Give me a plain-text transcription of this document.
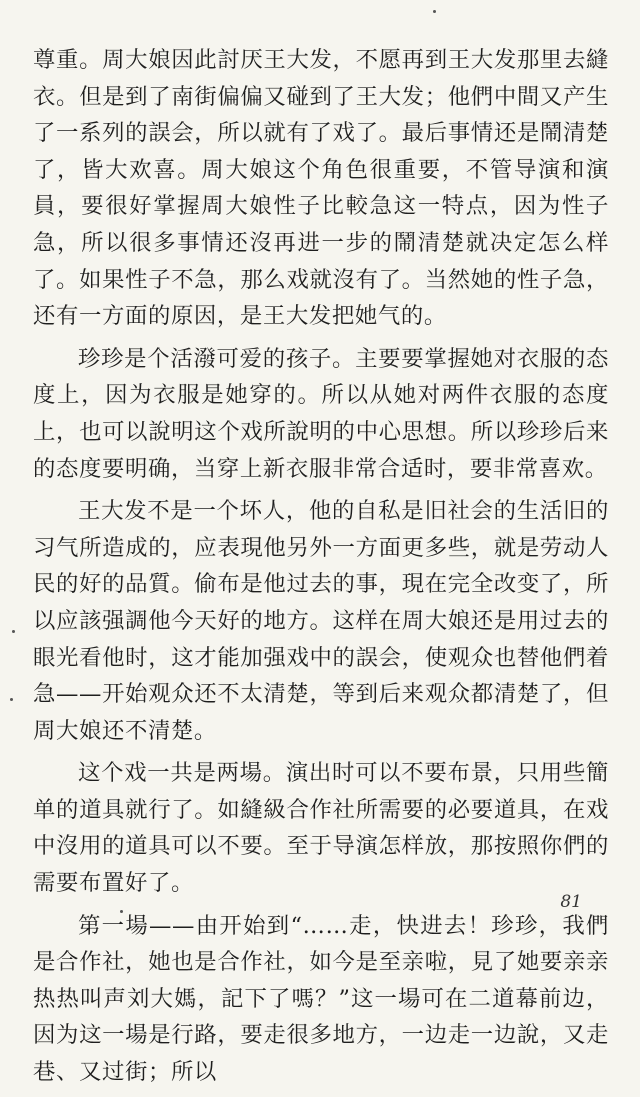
尊重。周大娘因此討厌王大发，不愿再到王大发那里去縫衣。但是到了南街偏偏又碰到了王大发；他們中間又产生了一系列的誤会，所以就有了戏了。最后事情还是鬧清楚了，皆大欢喜。周大娘这个角色很重要，不管导演和演員，要很好掌握周大娘性子比較急这一特点，因为性子急，所以很多事情还沒再进一步的鬧清楚就决定怎么样了。如果性子不急，那么戏就沒有了。当然她的性子急，还有一方面的原因，是王大发把她气的。

珍珍是个活潑可爱的孩子。主要要掌握她对衣服的态度上，因为衣服是她穿的。所以从她对两件衣服的态度上，也可以說明这个戏所說明的中心思想。所以珍珍后来的态度要明确，当穿上新衣服非常合适时，要非常喜欢。

王大发不是一个坏人，他的自私是旧社会的生活旧的习气所造成的，应表現他另外一方面更多些，就是劳动人民的好的品質。偷布是他过去的事，現在完全改变了，所以应該强調他今天好的地方。这样在周大娘还是用过去的眼光看他时，这才能加强戏中的誤会，使观众也替他們着急——开始观众还不太清楚，等到后来观众都清楚了，但周大娘还不清楚。

这个戏一共是两場。演出时可以不要布景，只用些簡单的道具就行了。如縫級合作社所需要的必要道具，在戏中沒用的道具可以不要。至于导演怎样放，那按照你們的需要布置好了。

第一場——由开始到“……走，快进去！珍珍，我們是合作社，她也是合作社，如今是至亲啦，見了她要亲亲热热叫声刘大媽，記下了嗎？”这一場可在二道幕前边，因为这一場是行路，要走很多地方，一边走一边說，又走巷、又过街；所以

81
